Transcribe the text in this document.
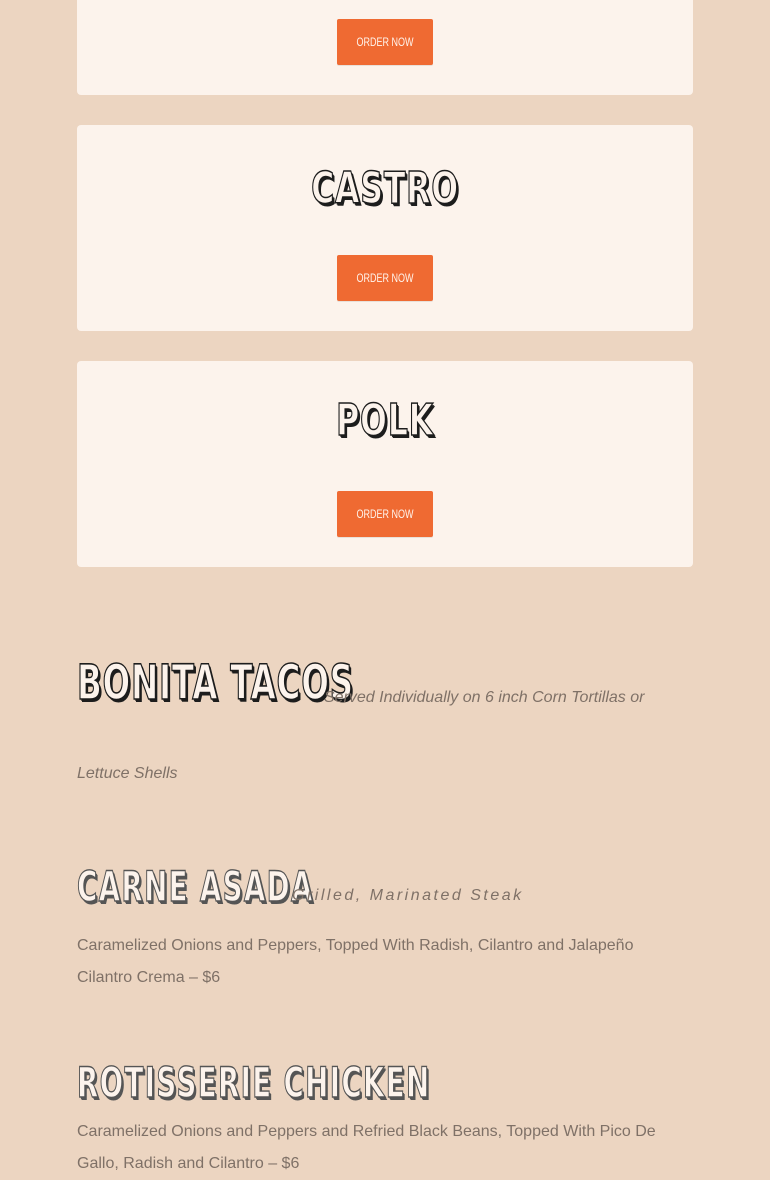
ORDER NOW
CASTRO
ORDER NOW
POLK
ORDER NOW
BONITA TACOS
Served Individually on 6 inch Corn Tortillas or
Lettuce Shells
CARNE ASADA
Grilled, Marinated Steak
Caramelized Onions and Peppers, Topped With Radish, Cilantro and Jalapeño Cilantro Crema – $6
ROTISSERIE CHICKEN
Caramelized Onions and Peppers and Refried Black Beans, Topped With Pico De Gallo, Radish and Cilantro – $6
